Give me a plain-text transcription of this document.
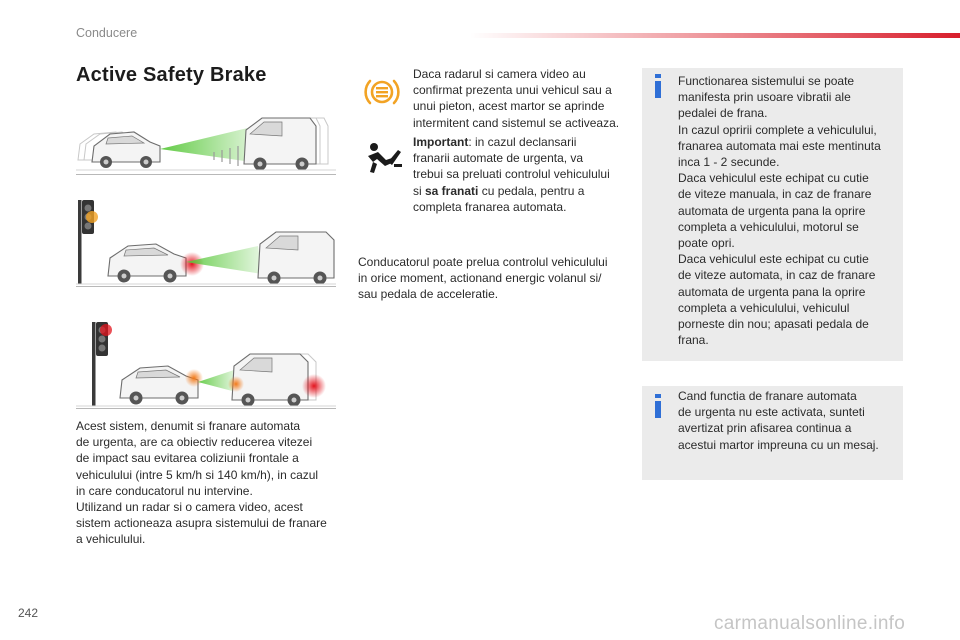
Conducere
Active Safety Brake

Acest sistem, denumit si franare automata

de urgenta, are ca obiectiv reducerea vitezei

de impact sau evitarea coliziunii frontale a

vehiculului (intre 5 km/h si 140 km/h), in cazul

in care conducatorul nu intervine.

Utilizand un radar si o camera video, acest

sistem actioneaza asupra sistemului de franare

a vehiculului.

Daca radarul si camera video au

confirmat prezenta unui vehicul sau a

unui pieton, acest martor se aprinde

intermitent cand sistemul se activeaza.

Important: in cazul declansarii

franarii automate de urgenta, va

trebui sa preluati controlul vehiculului

si sa franati cu pedala, pentru a

completa franarea automata.

Conducatorul poate prelua controlul vehiculului

in orice moment, actionand energic volanul si/

sau pedala de acceleratie.

Functionarea sistemului se poate

manifesta prin usoare vibratii ale

pedalei de frana.

In cazul opririi complete a vehiculului,

franarea automata mai este mentinuta

inca 1 - 2 secunde.

Daca vehiculul este echipat cu cutie

de viteze manuala, in caz de franare

automata de urgenta pana la oprire

completa a vehiculului, motorul se

poate opri.

Daca vehiculul este echipat cu cutie

de viteze automata, in caz de franare

automata de urgenta pana la oprire

completa a vehiculului, vehiculul

porneste din nou; apasati pedala de

frana.

Cand functia de franare automata

de urgenta nu este activata, sunteti

avertizat prin afisarea continua a

acestui martor impreuna cu un mesaj.

242	carmanualsonline.info
